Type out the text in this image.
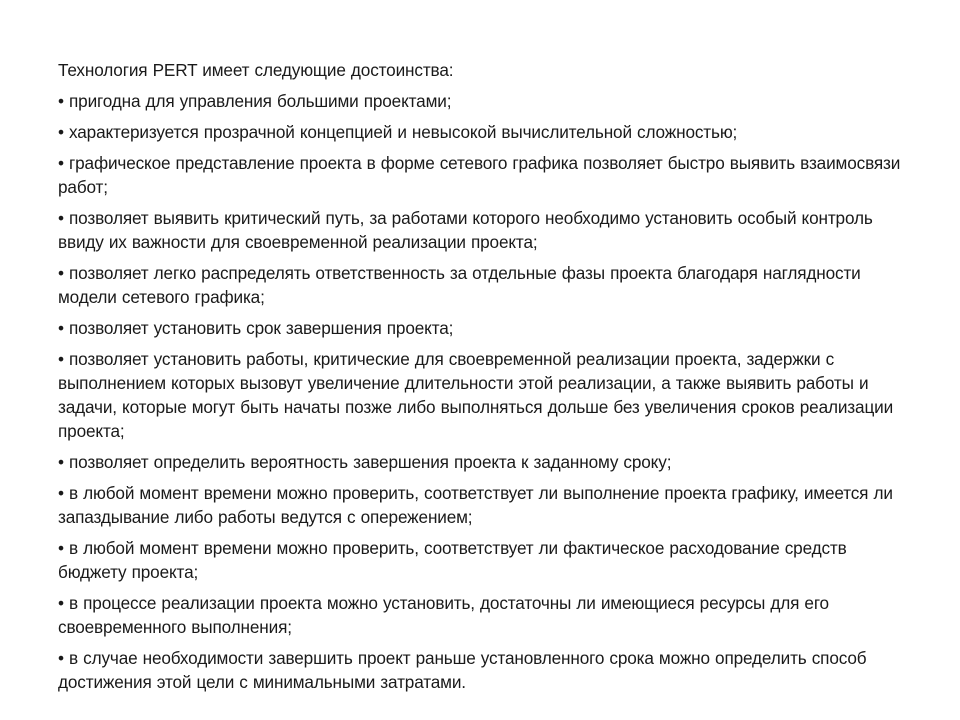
Технология PERT имеет следующие достоинства:

• пригодна для управления большими проектами;

• характеризуется прозрачной концепцией и невысокой вычислительной сложностью;

• графическое представление проекта в форме сетевого графика позволяет быстро выявить взаимосвязи работ;

• позволяет выявить критический путь, за работами которого необходимо установить особый контроль ввиду их важности для своевременной реализации проекта;

• позволяет легко распределять ответственность за отдельные фазы проекта благодаря наглядности модели сетевого графика;

• позволяет установить срок завершения проекта;

• позволяет установить работы, критические для своевременной реализации проекта, задержки с выполнением которых вызовут увеличение длительности этой реализации, а также выявить работы и задачи, которые могут быть начаты позже либо выполняться дольше без увеличения сроков реализации проекта;

• позволяет определить вероятность завершения проекта к заданному сроку;

• в любой момент времени можно проверить, соответствует ли выполнение проекта графику, имеется ли запаздывание либо работы ведутся с опережением;

• в любой момент времени можно проверить, соответствует ли фактическое расходование средств бюджету проекта;

• в процессе реализации проекта можно установить, достаточны ли имеющиеся ресурсы для его своевременного выполнения;

• в случае необходимости завершить проект раньше установленного срока можно определить способ достижения этой цели с минимальными затратами.
